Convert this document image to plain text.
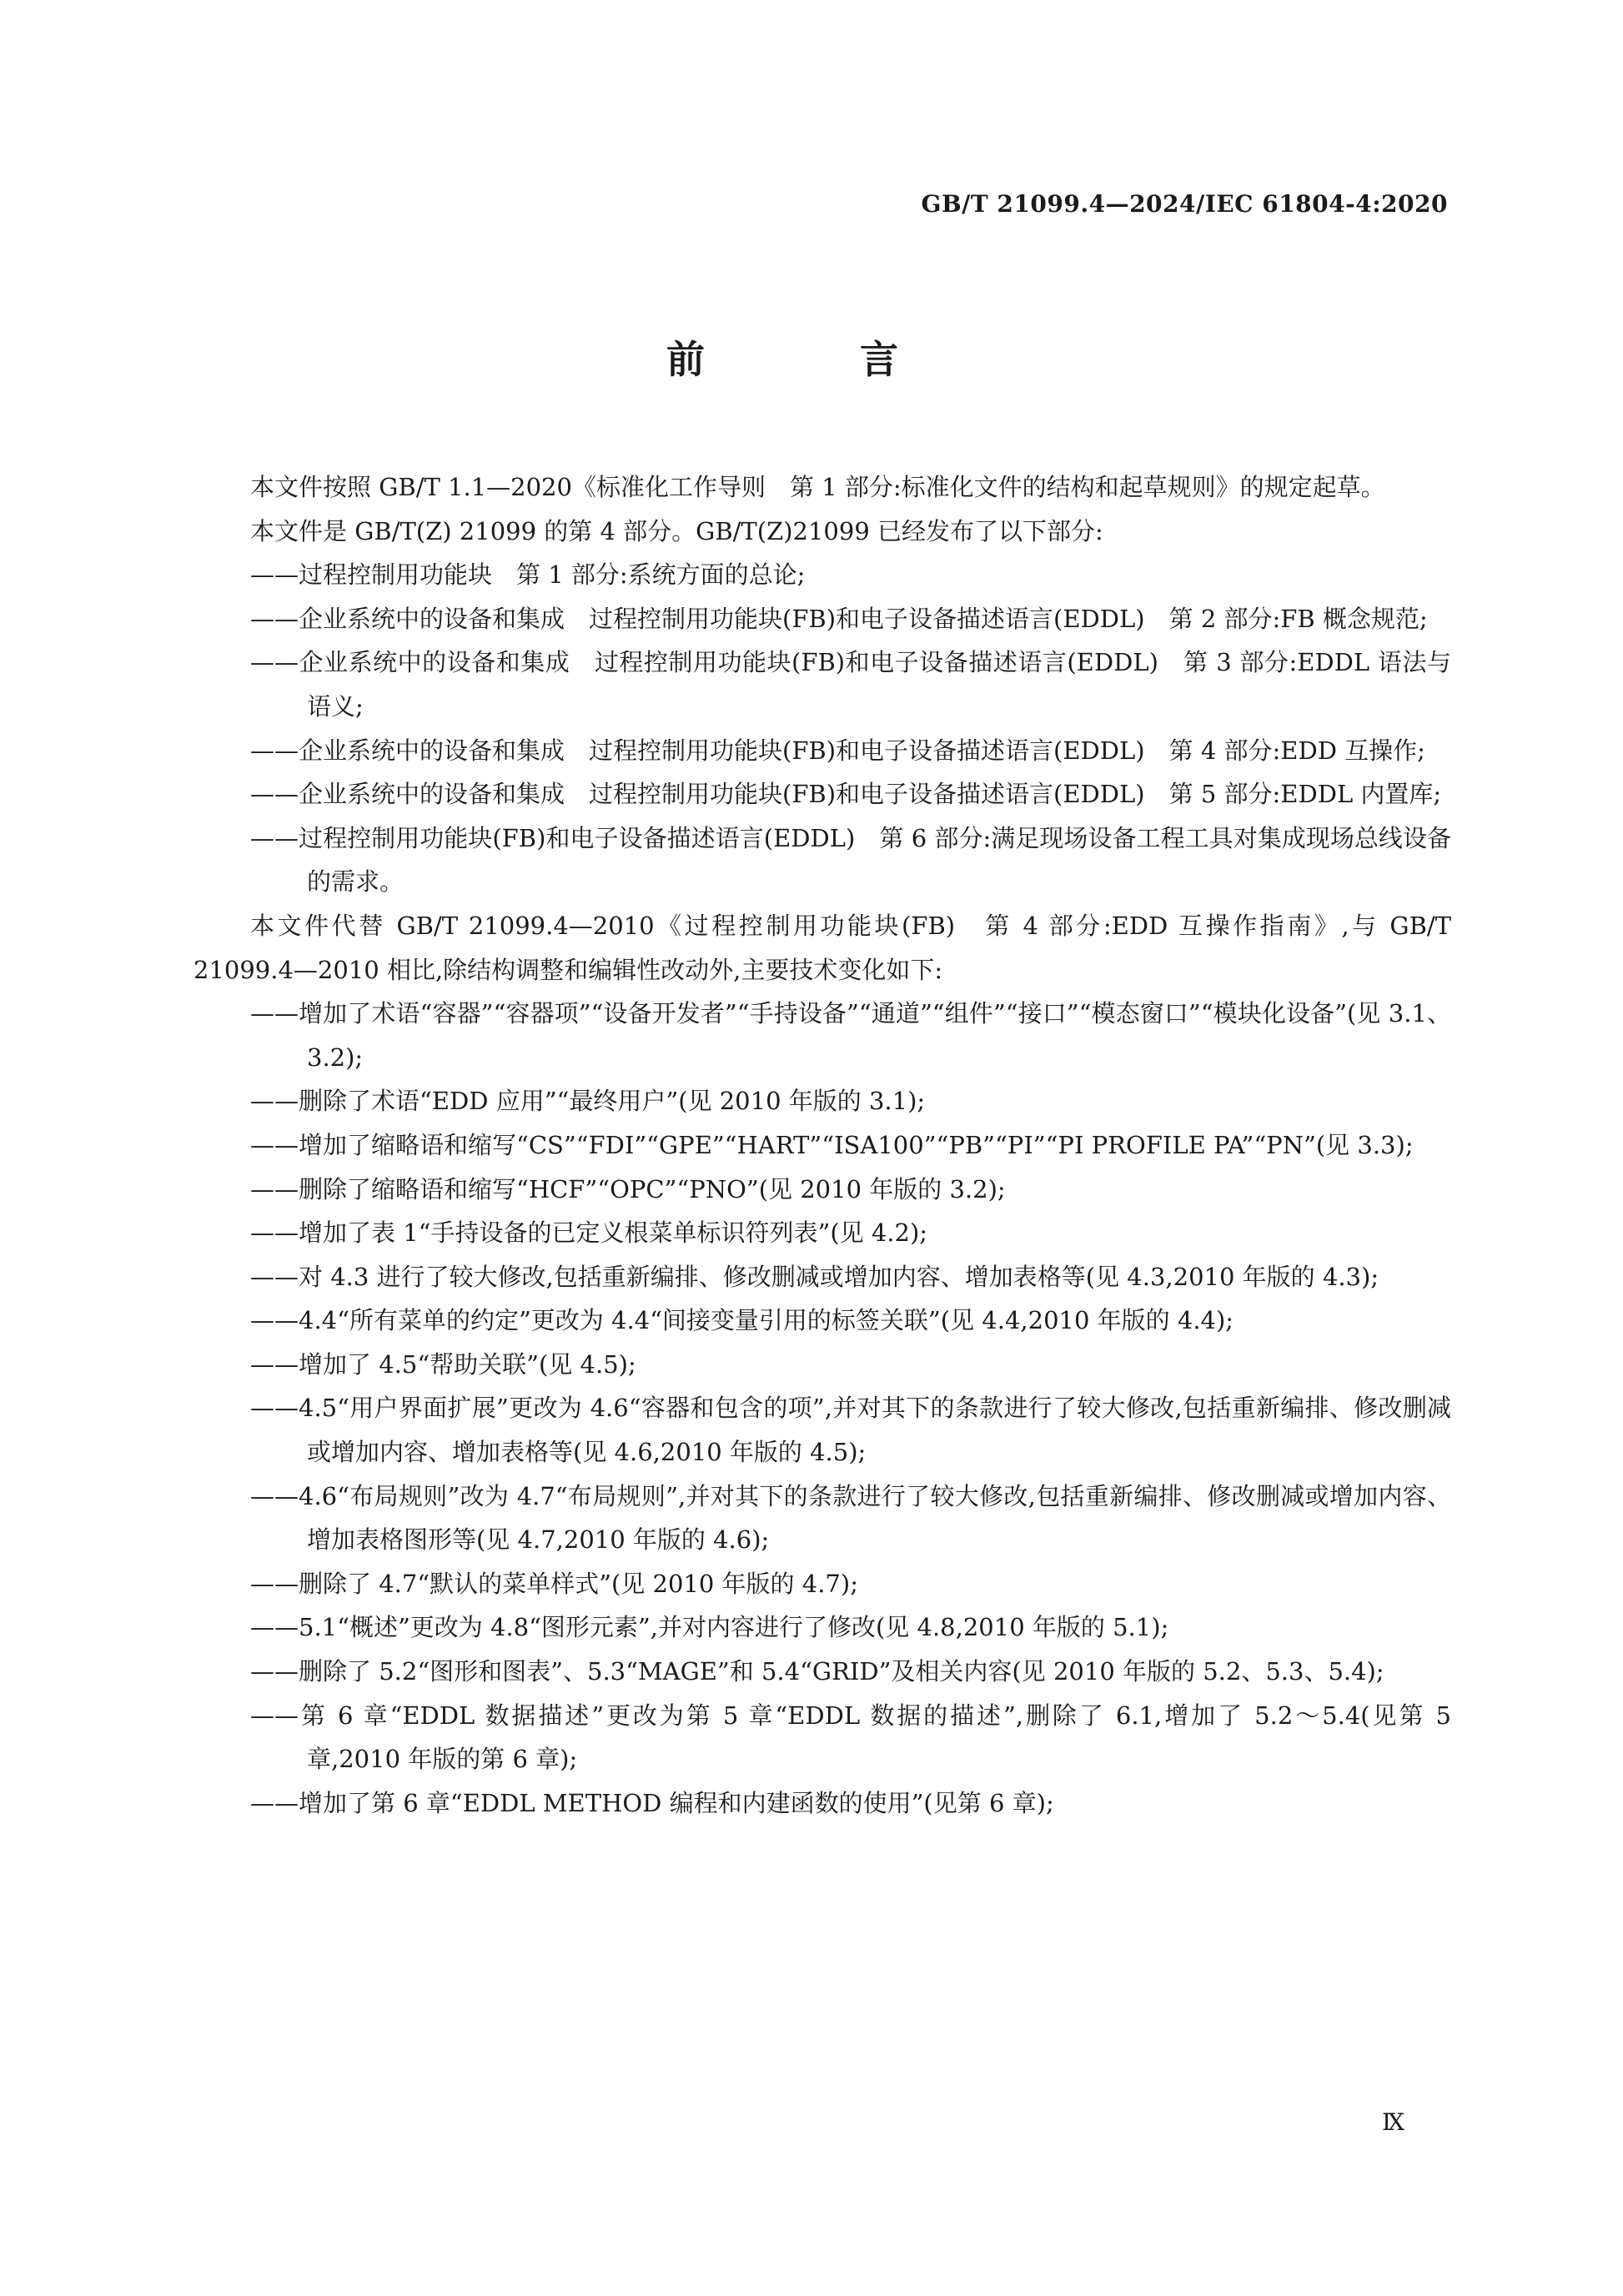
GB/T 21099.4—2024/IEC 61804-4:2020
前　言

本文件按照 GB/T 1.1—2020《标准化工作导则　第 1 部分:标准化文件的结构和起草规则》的规定起草。

本文件是 GB/T(Z) 21099 的第 4 部分。GB/T(Z)21099 已经发布了以下部分:

——过程控制用功能块　第 1 部分:系统方面的总论;

——企业系统中的设备和集成　过程控制用功能块(FB)和电子设备描述语言(EDDL)　第 2 部分:FB 概念规范;

——企业系统中的设备和集成　过程控制用功能块(FB)和电子设备描述语言(EDDL)　第 3 部分:EDDL 语法与语义;

——企业系统中的设备和集成　过程控制用功能块(FB)和电子设备描述语言(EDDL)　第 4 部分:EDD 互操作;

——企业系统中的设备和集成　过程控制用功能块(FB)和电子设备描述语言(EDDL)　第 5 部分:EDDL 内置库;

——过程控制用功能块(FB)和电子设备描述语言(EDDL)　第 6 部分:满足现场设备工程工具对集成现场总线设备的需求。

本文件代替 GB/T 21099.4—2010《过程控制用功能块(FB)　第 4 部分:EDD 互操作指南》,与 GB/T 21099.4—2010 相比,除结构调整和编辑性改动外,主要技术变化如下:

——增加了术语“容器”“容器项”“设备开发者”“手持设备”“通道”“组件”“接口”“模态窗口”“模块化设备”(见 3.1、3.2);

——删除了术语“EDD 应用”“最终用户”(见 2010 年版的 3.1);

——增加了缩略语和缩写“CS”“FDI”“GPE”“HART”“ISA100”“PB”“PI”“PI PROFILE PA”“PN”(见 3.3);

——删除了缩略语和缩写“HCF”“OPC”“PNO”(见 2010 年版的 3.2);

——增加了表 1“手持设备的已定义根菜单标识符列表”(见 4.2);

——对 4.3 进行了较大修改,包括重新编排、修改删减或增加内容、增加表格等(见 4.3,2010 年版的 4.3);

——4.4“所有菜单的约定”更改为 4.4“间接变量引用的标签关联”(见 4.4,2010 年版的 4.4);

——增加了 4.5“帮助关联”(见 4.5);

——4.5“用户界面扩展”更改为 4.6“容器和包含的项”,并对其下的条款进行了较大修改,包括重新编排、修改删减或增加内容、增加表格等(见 4.6,2010 年版的 4.5);

——4.6“布局规则”改为 4.7“布局规则”,并对其下的条款进行了较大修改,包括重新编排、修改删减或增加内容、增加表格图形等(见 4.7,2010 年版的 4.6);

——删除了 4.7“默认的菜单样式”(见 2010 年版的 4.7);

——5.1“概述”更改为 4.8“图形元素”,并对内容进行了修改(见 4.8,2010 年版的 5.1);

——删除了 5.2“图形和图表”、5.3“MAGE”和 5.4“GRID”及相关内容(见 2010 年版的 5.2、5.3、5.4);

——第 6 章“EDDL 数据描述”更改为第 5 章“EDDL 数据的描述”,删除了 6.1,增加了 5.2～5.4(见第 5 章,2010 年版的第 6 章);

——增加了第 6 章“EDDL METHOD 编程和内建函数的使用”(见第 6 章);

Ⅸ
